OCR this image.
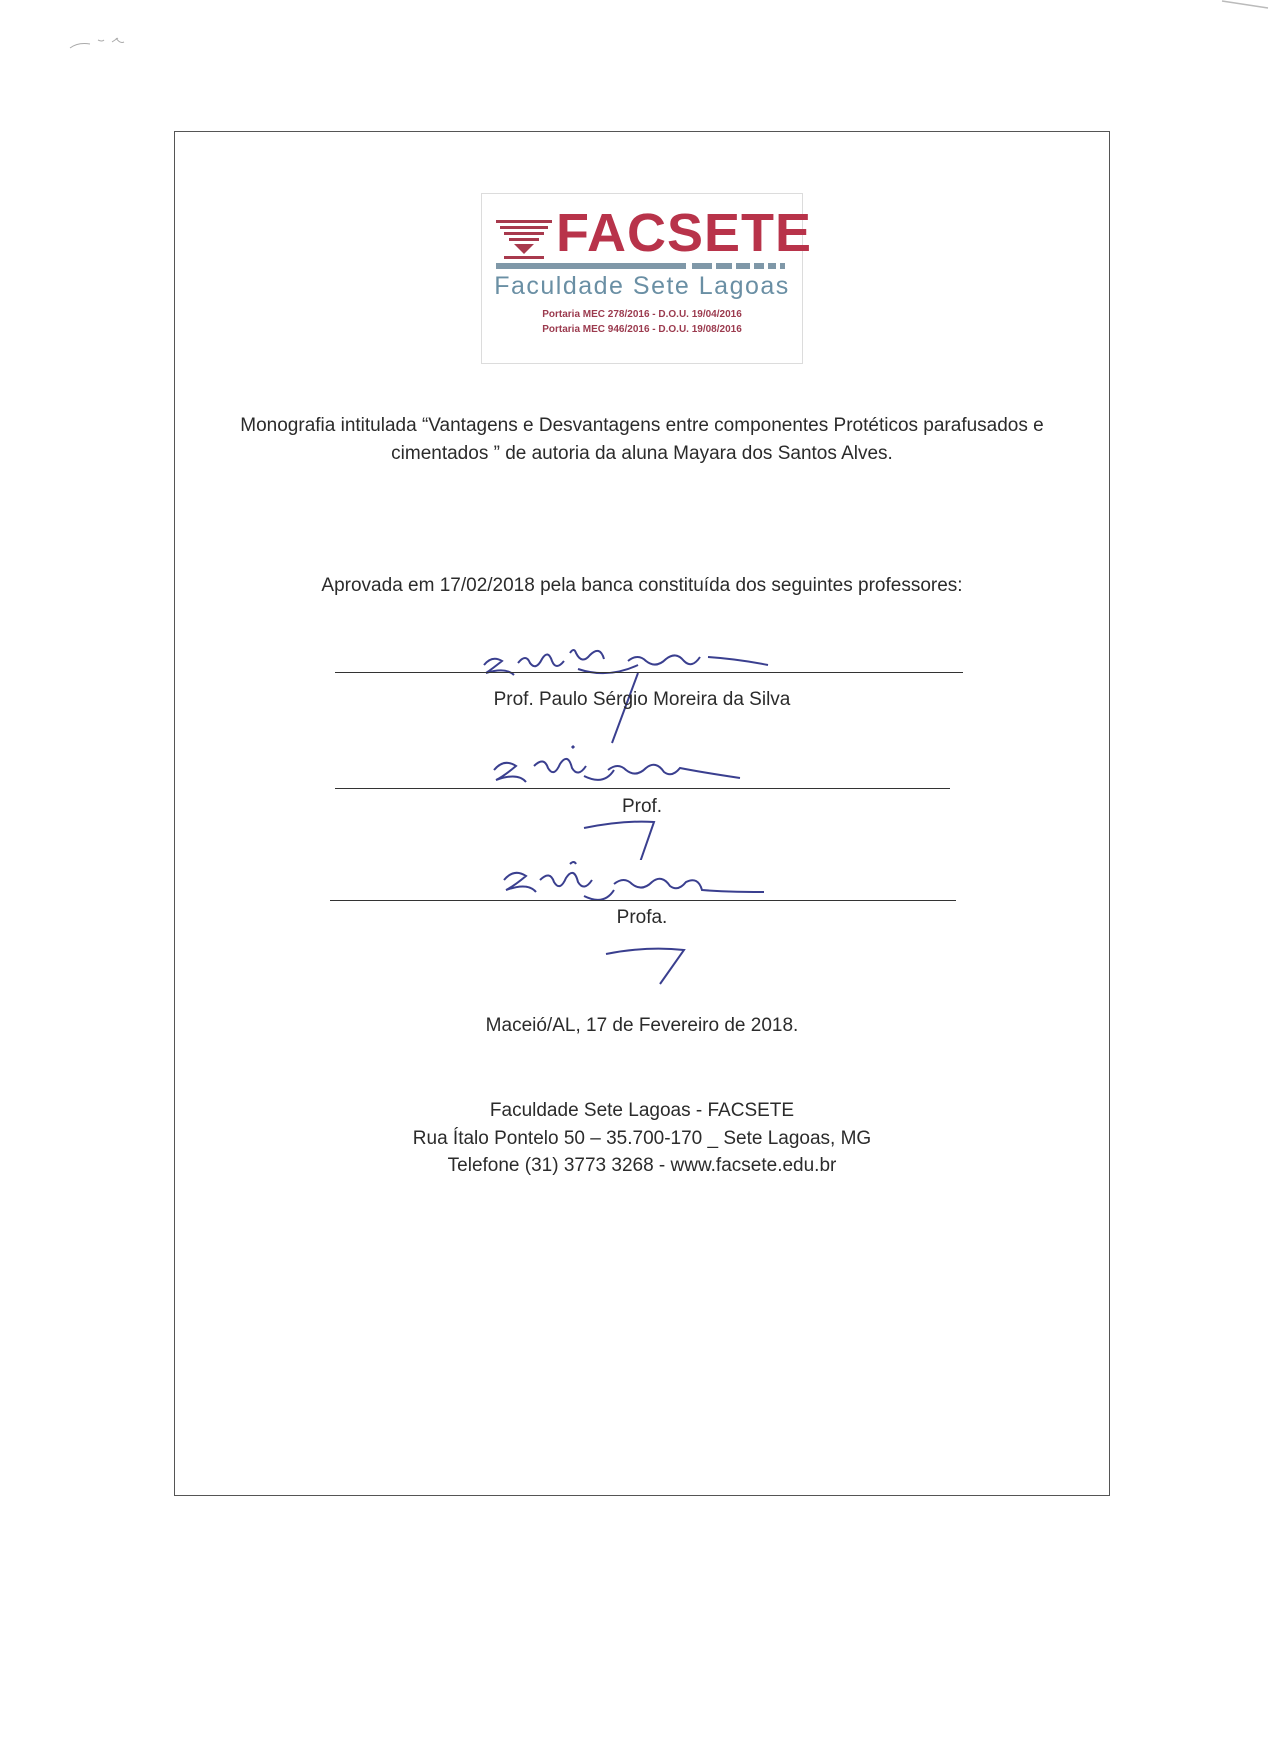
FACSETE
Faculdade Sete Lagoas
Portaria MEC 278/2016 - D.O.U. 19/04/2016
Portaria MEC 946/2016 - D.O.U. 19/08/2016
Monografia intitulada “Vantagens e Desvantagens entre componentes Protéticos parafusados e
cimentados ” de autoria da aluna Mayara dos Santos Alves.
Aprovada em 17/02/2018 pela banca constituída dos seguintes professores:
Prof. Paulo Sérgio Moreira da Silva
Prof.
Profa.
Maceió/AL, 17 de Fevereiro de 2018.
Faculdade Sete Lagoas - FACSETE
Rua Ítalo Pontelo 50 – 35.700-170 _ Sete Lagoas, MG
Telefone (31) 3773 3268 - www.facsete.edu.br
